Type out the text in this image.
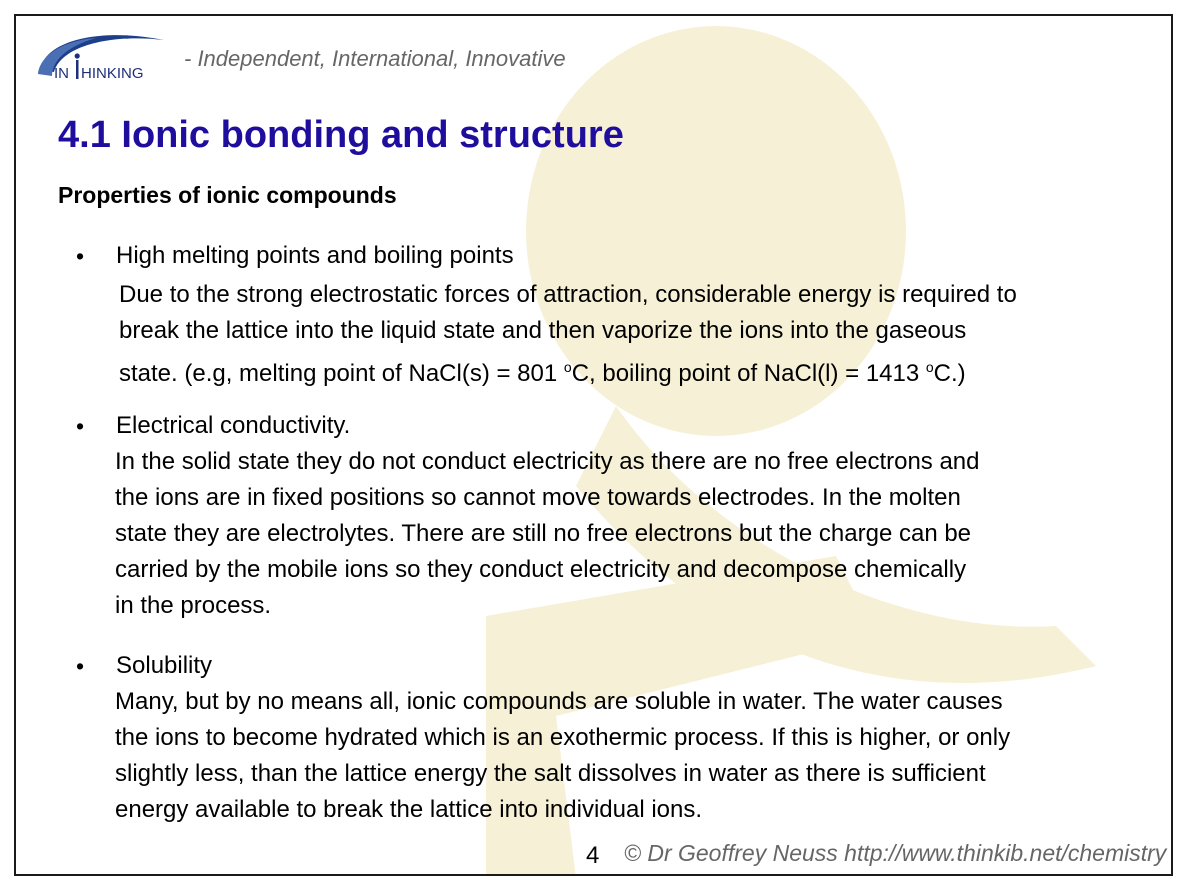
IN HINKING
- Independent, International, Innovative
4.1 Ionic bonding and structure
Properties of ionic compounds
• High melting points and boiling points
Due to the strong electrostatic forces of attraction, considerable energy is required to
break the lattice into the liquid state and then vaporize the ions into the gaseous
state. (e.g, melting point of NaCl(s) = 801 $^o$C, boiling point of NaCl(l) = 1413 $^o$C.)
• Electrical conductivity.
In the solid state they do not conduct electricity as there are no free electrons and
the ions are in fixed positions so cannot move towards electrodes. In the molten
state they are electrolytes. There are still no free electrons but the charge can be
carried by the mobile ions so they conduct electricity and decompose chemically
in the process.
• Solubility
Many, but by no means all, ionic compounds are soluble in water. The water causes
the ions to become hydrated which is an exothermic process. If this is higher, or only
slightly less, than the lattice energy the salt dissolves in water as there is sufficient
energy available to break the lattice into individual ions.
4 © Dr Geoffrey Neuss http://www.thinkib.net/chemistry
